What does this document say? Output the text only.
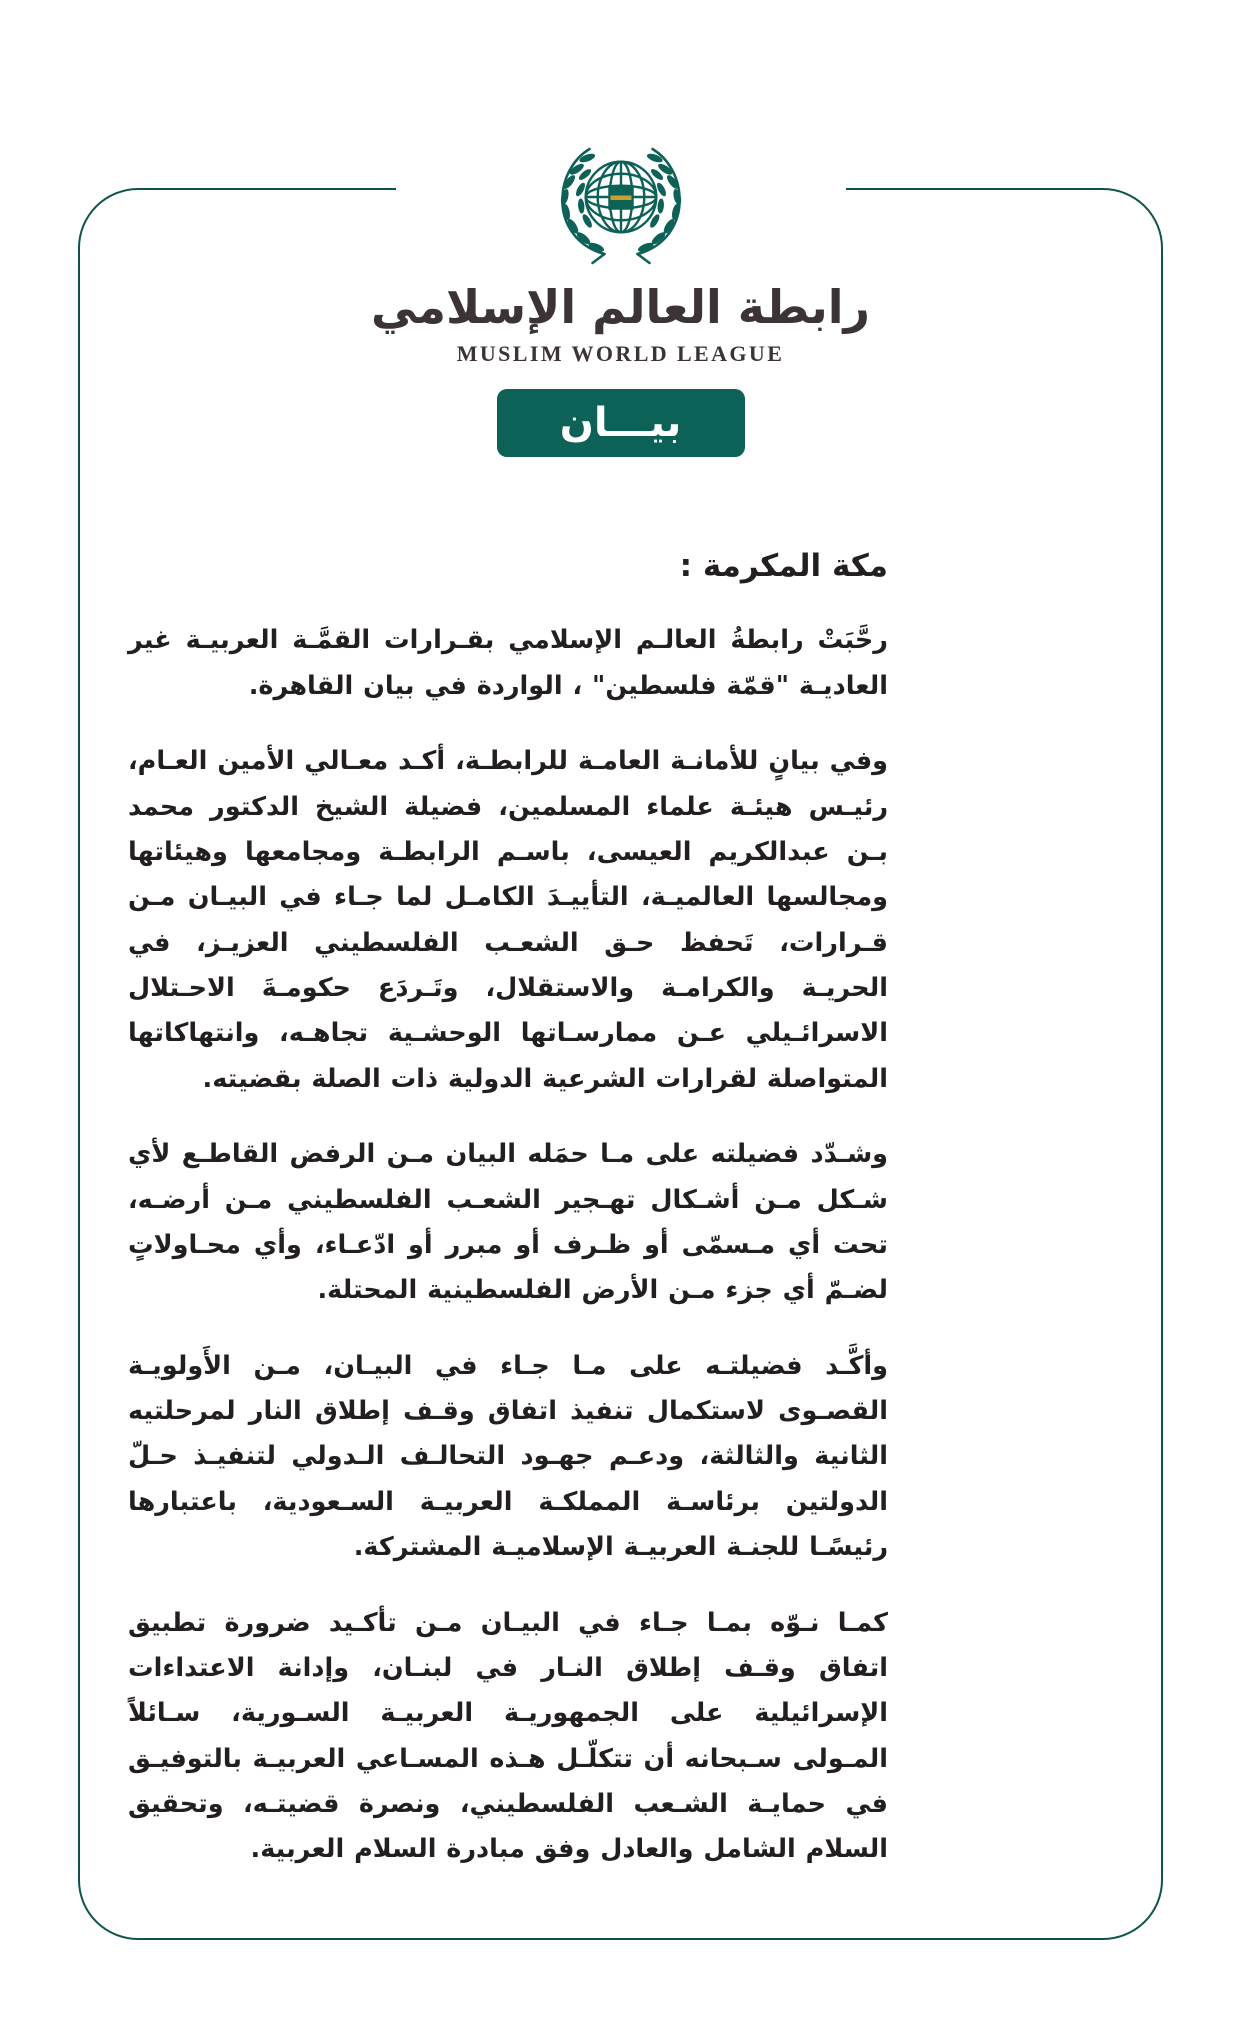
رابطة العالم الإسلامي
MUSLIM WORLD LEAGUE
بيـــان

مكة المكرمة :

رحَّبَتْ رابطةُ العالـم الإسلامي بقـرارات القمَّـة العربيـة غير العاديـة "قمّة فلسطين" ، الواردة في بيان القاهرة.

وفي بيانٍ للأمانـة العامـة للرابطـة، أكـد معـالي الأمين العـام، رئيـس هيئـة علماء المسلمين، فضيلة الشيخ الدكتور محمد بـن عبدالكريم العيسى، باسـم الرابطـة ومجامعها وهيئاتها ومجالسها العالميـة، التأييـدَ الكامـل لما جـاء في البيـان مـن قـرارات، تَحفظ حـق الشعـب الفلسطيني العزيـز، في الحريـة والكرامـة والاستقلال، وتَـردَع حكومـةَ الاحـتلال الاسرائـيلي عـن ممارسـاتها الوحشـية تجاهـه، وانتهاكاتها المتواصلة لقرارات الشرعية الدولية ذات الصلة بقضيته.

وشـدّد فضيلته على مـا حمَله البيان مـن الرفض القاطـع لأي شـكل مـن أشـكال تهـجير الشعـب الفلسطيني مـن أرضـه، تحت أي مـسمّى أو ظـرف أو مبرر أو ادّعـاء، وأي محـاولاتٍ لضـمّ أي جزء مـن الأرض الفلسطينية المحتلة.

وأكَّـد فضيلتـه على مـا جـاء في البيـان، مـن الأَولويـة القصـوى لاستكمال تنفيذ اتفاق وقـف إطلاق النار لمرحلتيه الثانية والثالثة، ودعـم جهـود التحالـف الـدولي لتنفيـذ حـلّ الدولتين برئاسـة المملكـة العربيـة السـعودية، باعتبارها رئيسًـا للجنـة العربيـة الإسلاميـة المشتركة.

كمـا نـوّه بمـا جـاء في البيـان مـن تأكـيد ضرورة تطبيق اتفاق وقـف إطلاق النـار في لبنـان، وإدانة الاعتداءات الإسرائيلية على الجمهوريـة العربيـة السـورية، سـائلاً المـولى سـبحانه أن تتكلّـل هـذه المسـاعي العربيـة بالتوفيـق في حمايـة الشـعب الفلسطيني، ونصرة قضيتـه، وتحقيق السلام الشامل والعادل وفق مبادرة السلام العربية.
